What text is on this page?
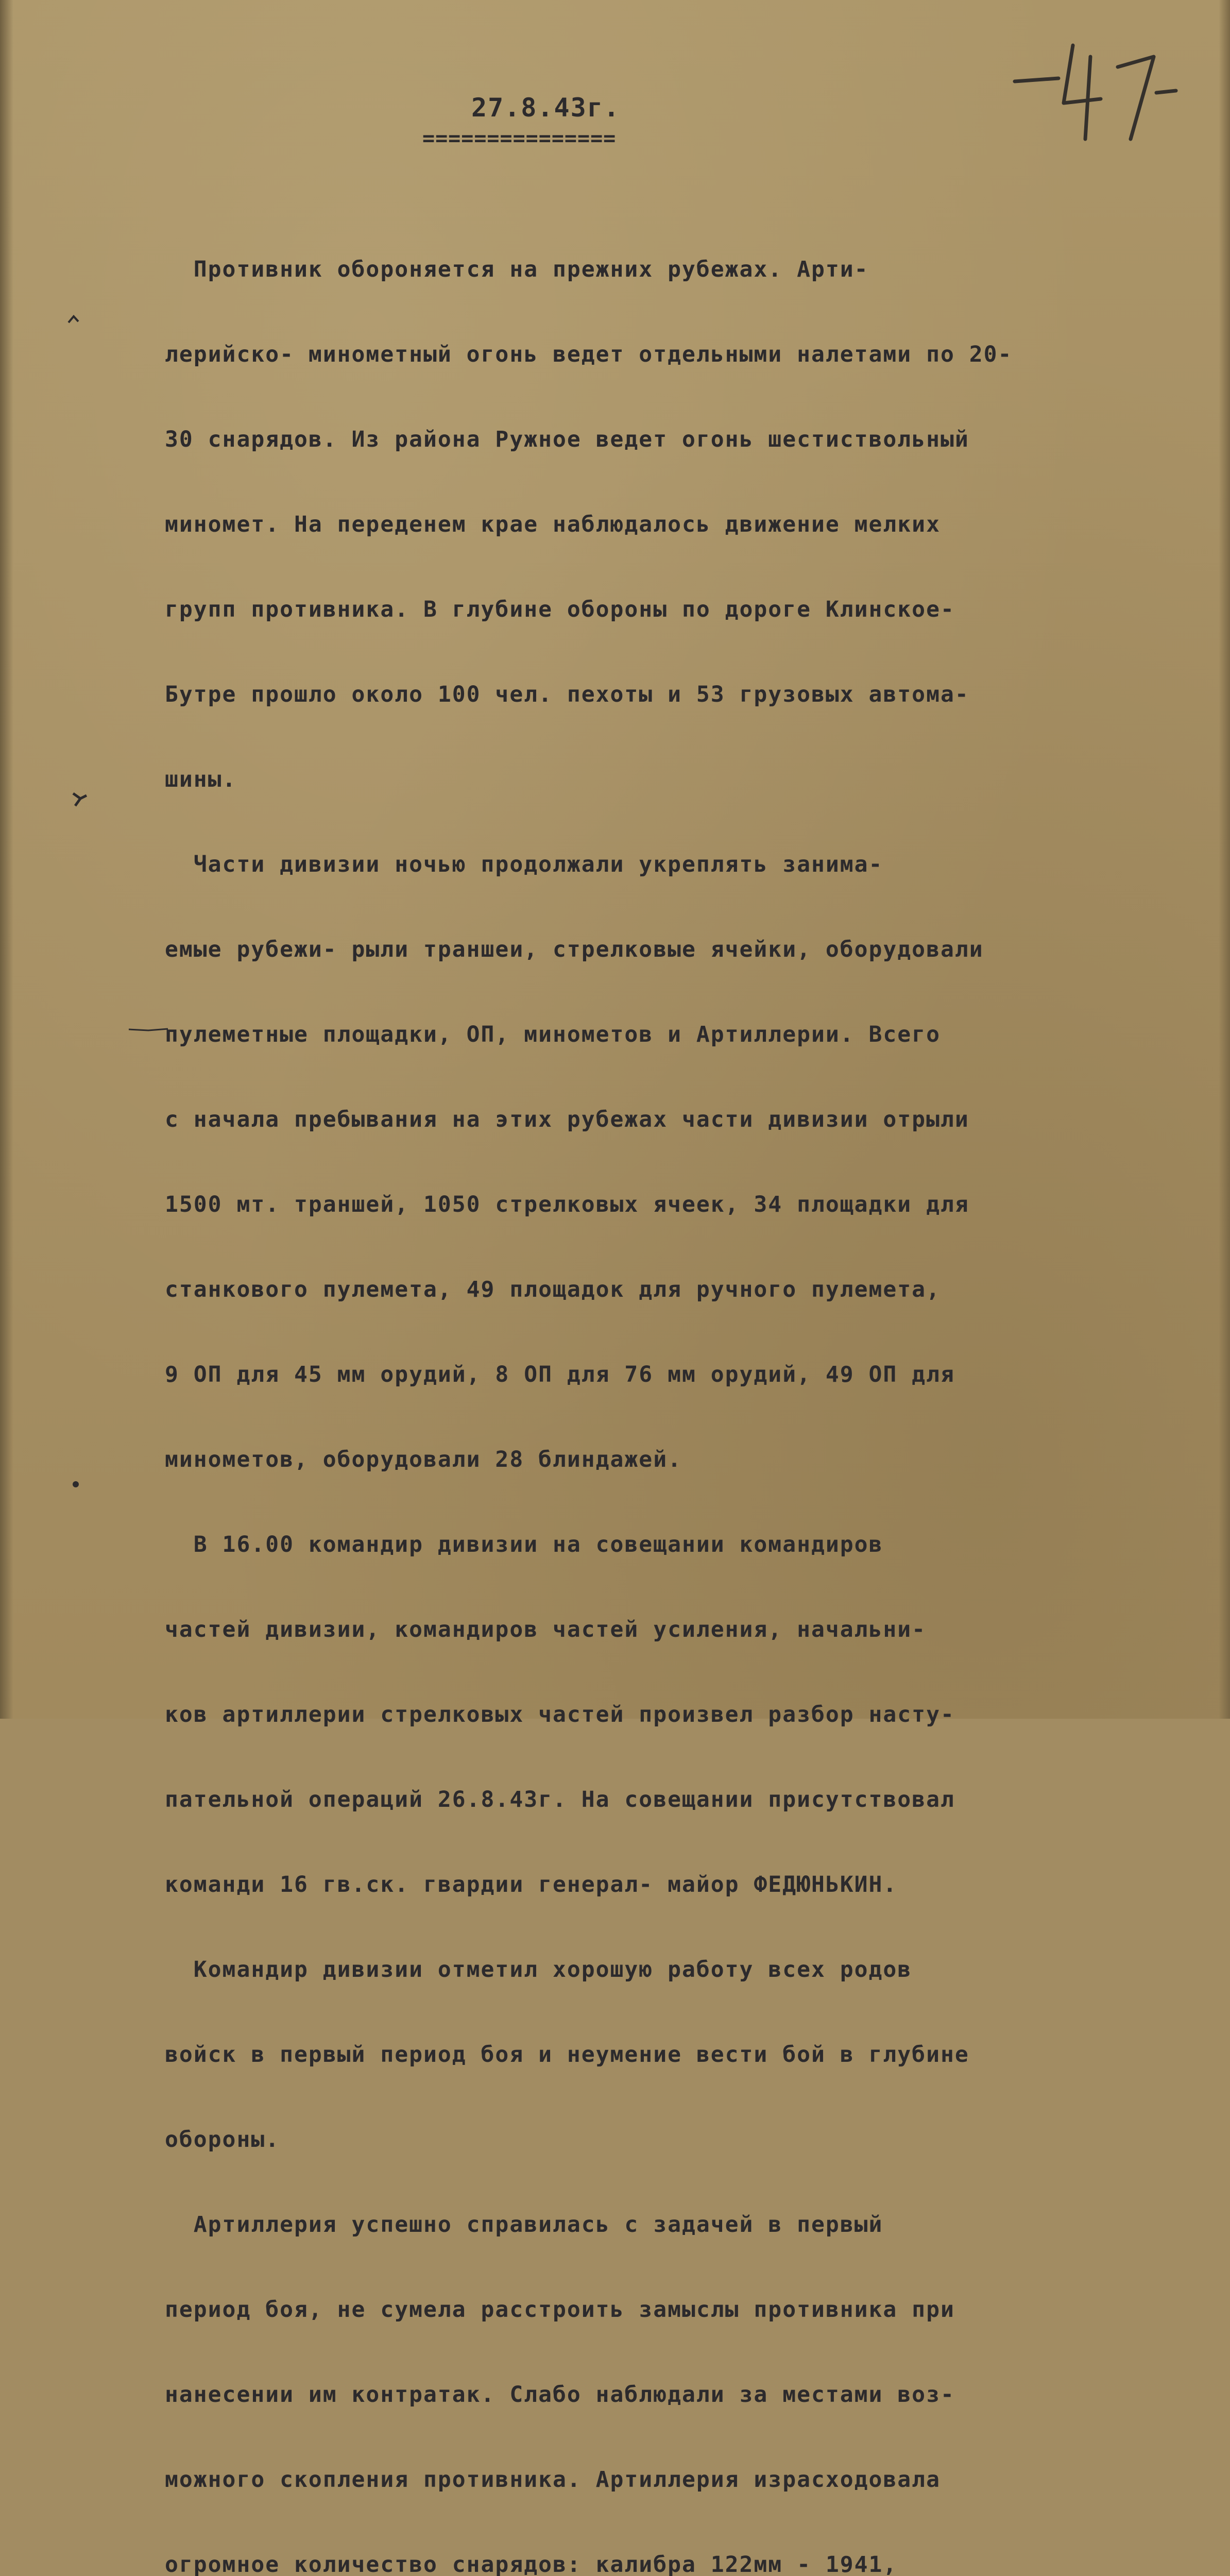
27.8.43г.
===============

Противник обороняется на прежних рубежах. Арти-

лерийско- минометный огонь ведет отдельными налетами по 20-

30 снарядов. Из района Ружное ведет огонь шестиствольный

миномет. На переденем крае наблюдалось движение мелких

групп противника. В глубине обороны по дороге Клинское-

Бутре прошло около 100 чел. пехоты и 53 грузовых автома-

шины.

Части дивизии ночью продолжали укреплять занима-

емые рубежи- рыли траншеи, стрелковые ячейки, оборудовали

пулеметные площадки, ОП, минометов и Артиллерии. Всего

с начала пребывания на этих рубежах части дивизии отрыли

1500 мт. траншей, 1050 стрелковых ячеек, 34 площадки для

станкового пулемета, 49 площадок для ручного пулемета,

9 ОП для 45 мм орудий, 8 ОП для 76 мм орудий, 49 ОП для

минометов, оборудовали 28 блиндажей.

В 16.00 командир дивизии на совещании командиров

частей дивизии, командиров частей усиления, начальни-

ков артиллерии стрелковых частей произвел разбор насту-

пательной операций 26.8.43г. На совещании присутствовал

команди 16 гв.ск. гвардии генерал- майор ФЕДЮНЬКИН.

Командир дивизии отметил хорошую работу всех родов

войск в первый период боя и неумение вести бой в глубине

обороны.

Артиллерия успешно справилась с задачей в первый

период боя, не сумела расстроить замыслы противника при

нанесении им контратак. Слабо наблюдали за местами воз-

можного скопления противника. Артиллерия израсходовала

огромное количество снарядов: калибра 122мм - 1941,
